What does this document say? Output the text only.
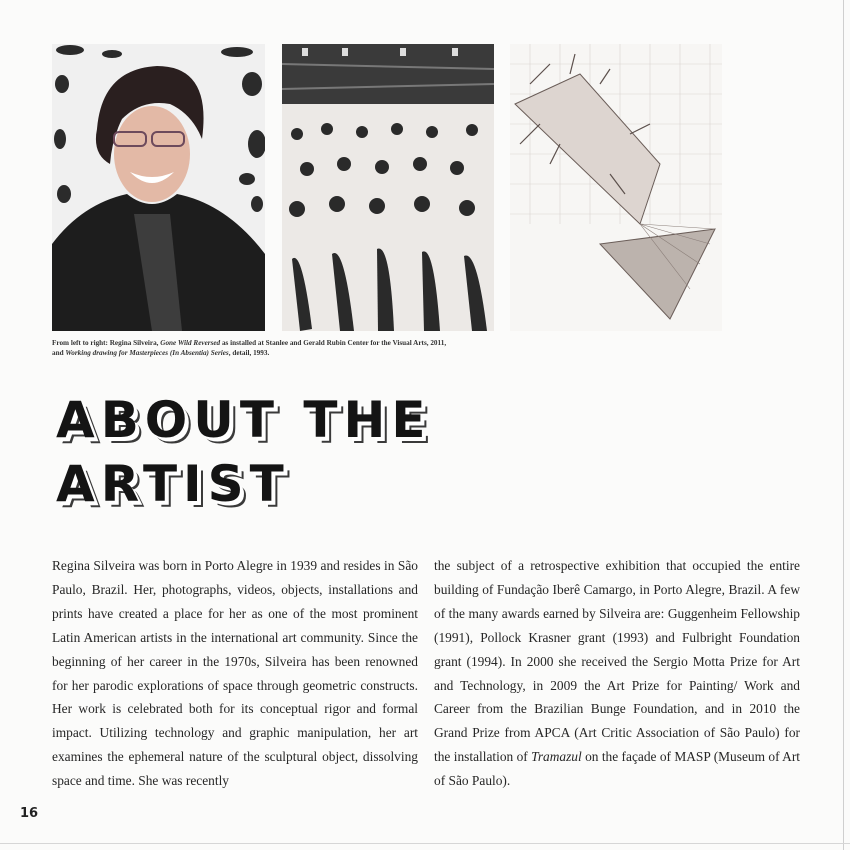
From left to right: Regina Silveira, Gone Wild Reversed as installed at Stanlee and Gerald Rubin Center for the Visual Arts, 2011,
and Working drawing for Masterpieces (In Absentia) Series, detail, 1993.
ABOUT THE
ARTIST
Regina Silveira was born in Porto Alegre in 1939 and resides in São Paulo, Brazil. Her, photographs, videos, objects, installations and prints have created a place for her as one of the most prominent Latin American artists in the international art community. Since the beginning of her career in the 1970s, Silveira has been renowned for her parodic explorations of space through geometric constructs. Her work is celebrated both for its conceptual rigor and formal impact. Utilizing technology and graphic manipulation, her art examines the ephemeral nature of the sculptural object, dissolving space and time. She was recently
the subject of a retrospective exhibition that occupied the entire building of Fundação Iberê Camargo, in Porto Alegre, Brazil. A few of the many awards earned by Silveira are: Guggenheim Fellowship (1991), Pollock Krasner grant (1993) and Fulbright Foundation grant (1994). In 2000 she received the Sergio Motta Prize for Art and Technology, in 2009 the Art Prize for Painting/ Work and Career from the Brazilian Bunge Foundation, and in 2010 the Grand Prize from APCA (Art Critic Association of São Paulo) for the installation of Tramazul on the façade of MASP (Museum of Art of São Paulo).
16
